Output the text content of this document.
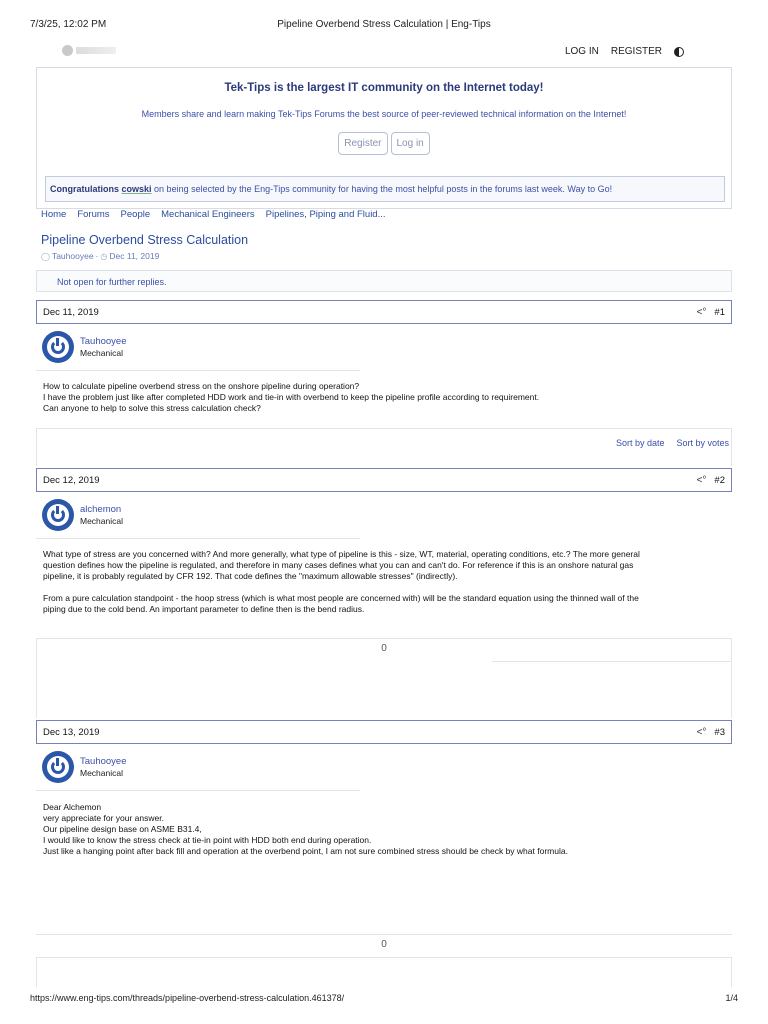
7/3/25, 12:02 PM	Pipeline Overbend Stress Calculation | Eng-Tips
LOG IN REGISTER
Tek-Tips is the largest IT community on the Internet today!
Members share and learn making Tek-Tips Forums the best source of peer-reviewed technical information on the Internet!
Register	Log in
Congratulations cowski on being selected by the Eng-Tips community for having the most helpful posts in the forums last week. Way to Go!
Home Forums People Mechanical Engineers Pipelines, Piping and Fluid...
Pipeline Overbend Stress Calculation
◯ Tauhooyee · ◷ Dec 11, 2019
Not open for further replies.
Dec 11, 2019	<° #1
Tauhooyee
Mechanical

How to calculate pipeline overbend stress on the onshore pipeline during operation?

I have the problem just like after completed HDD work and tie-in with overbend to keep the pipeline profile according to requirement.

Can anyone to help to solve this stress calculation check?

Sort by date Sort by votes
Dec 12, 2019	<° #2
alchemon
Mechanical

What type of stress are you concerned with? And more generally, what type of pipeline is this - size, WT, material, operating conditions, etc.? The more general

question defines how the pipeline is regulated, and therefore in many cases defines what you can and can't do. For reference if this is an onshore natural gas

pipeline, it is probably regulated by CFR 192. That code defines the "maximum allowable stresses" (indirectly).

From a pure calculation standpoint - the hoop stress (which is what most people are concerned with) will be the standard equation using the thinned wall of the

piping due to the cold bend. An important parameter to define then is the bend radius.

0
Dec 13, 2019	<° #3
Tauhooyee
Mechanical

Dear Alchemon

very appreciate for your answer.

Our pipeline design base on ASME B31.4,

I would like to know the stress check at tie-in point with HDD both end during operation.

Just like a hanging point after back fill and operation at the overbend point, I am not sure combined stress should be check by what formula.

0
https://www.eng-tips.com/threads/pipeline-overbend-stress-calculation.461378/	1/4
